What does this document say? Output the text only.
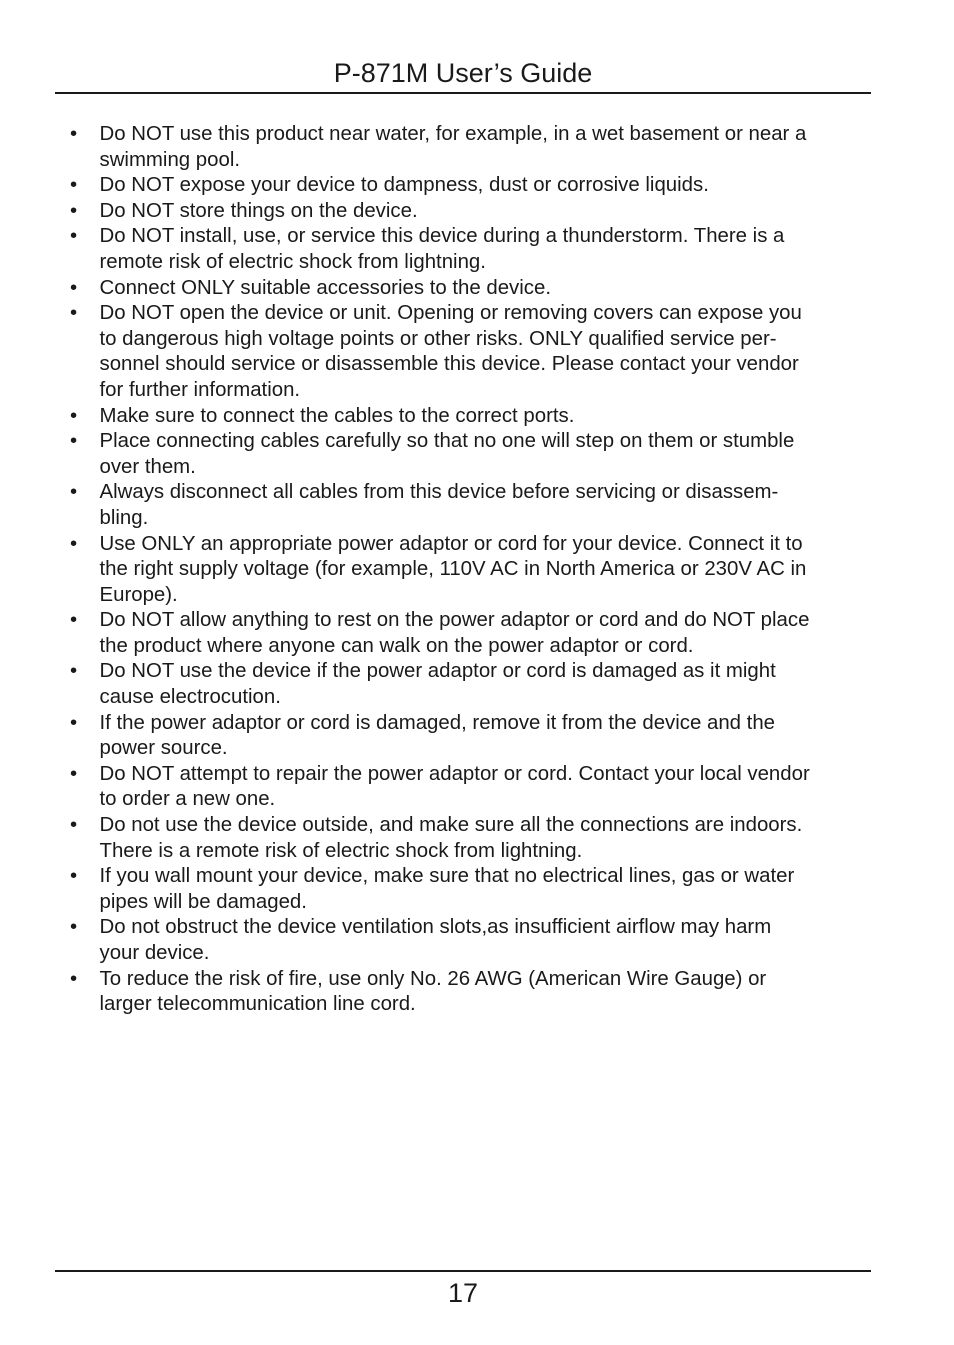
P-871M User’s Guide
• Do NOT use this product near water, for example, in a wet basement or near a
swimming pool.
• Do NOT expose your device to dampness, dust or corrosive liquids.
• Do NOT store things on the device.
• Do NOT install, use, or service this device during a thunderstorm. There is a
remote risk of electric shock from lightning.
• Connect ONLY suitable accessories to the device.
• Do NOT open the device or unit. Opening or removing covers can expose you
to dangerous high voltage points or other risks. ONLY qualified service per-
sonnel should service or disassemble this device. Please contact your vendor
for further information.
• Make sure to connect the cables to the correct ports.
• Place connecting cables carefully so that no one will step on them or stumble
over them.
• Always disconnect all cables from this device before servicing or disassem-
bling.
• Use ONLY an appropriate power adaptor or cord for your device. Connect it to
the right supply voltage (for example, 110V AC in North America or 230V AC in
Europe).
• Do NOT allow anything to rest on the power adaptor or cord and do NOT place
the product where anyone can walk on the power adaptor or cord.
• Do NOT use the device if the power adaptor or cord is damaged as it might
cause electrocution.
• If the power adaptor or cord is damaged, remove it from the device and the
power source.
• Do NOT attempt to repair the power adaptor or cord. Contact your local vendor
to order a new one.
• Do not use the device outside, and make sure all the connections are indoors.
There is a remote risk of electric shock from lightning.
• If you wall mount your device, make sure that no electrical lines, gas or water
pipes will be damaged.
• Do not obstruct the device ventilation slots,as insufficient airflow may harm
your device.
• To reduce the risk of fire, use only No. 26 AWG (American Wire Gauge) or
larger telecommunication line cord.
17
